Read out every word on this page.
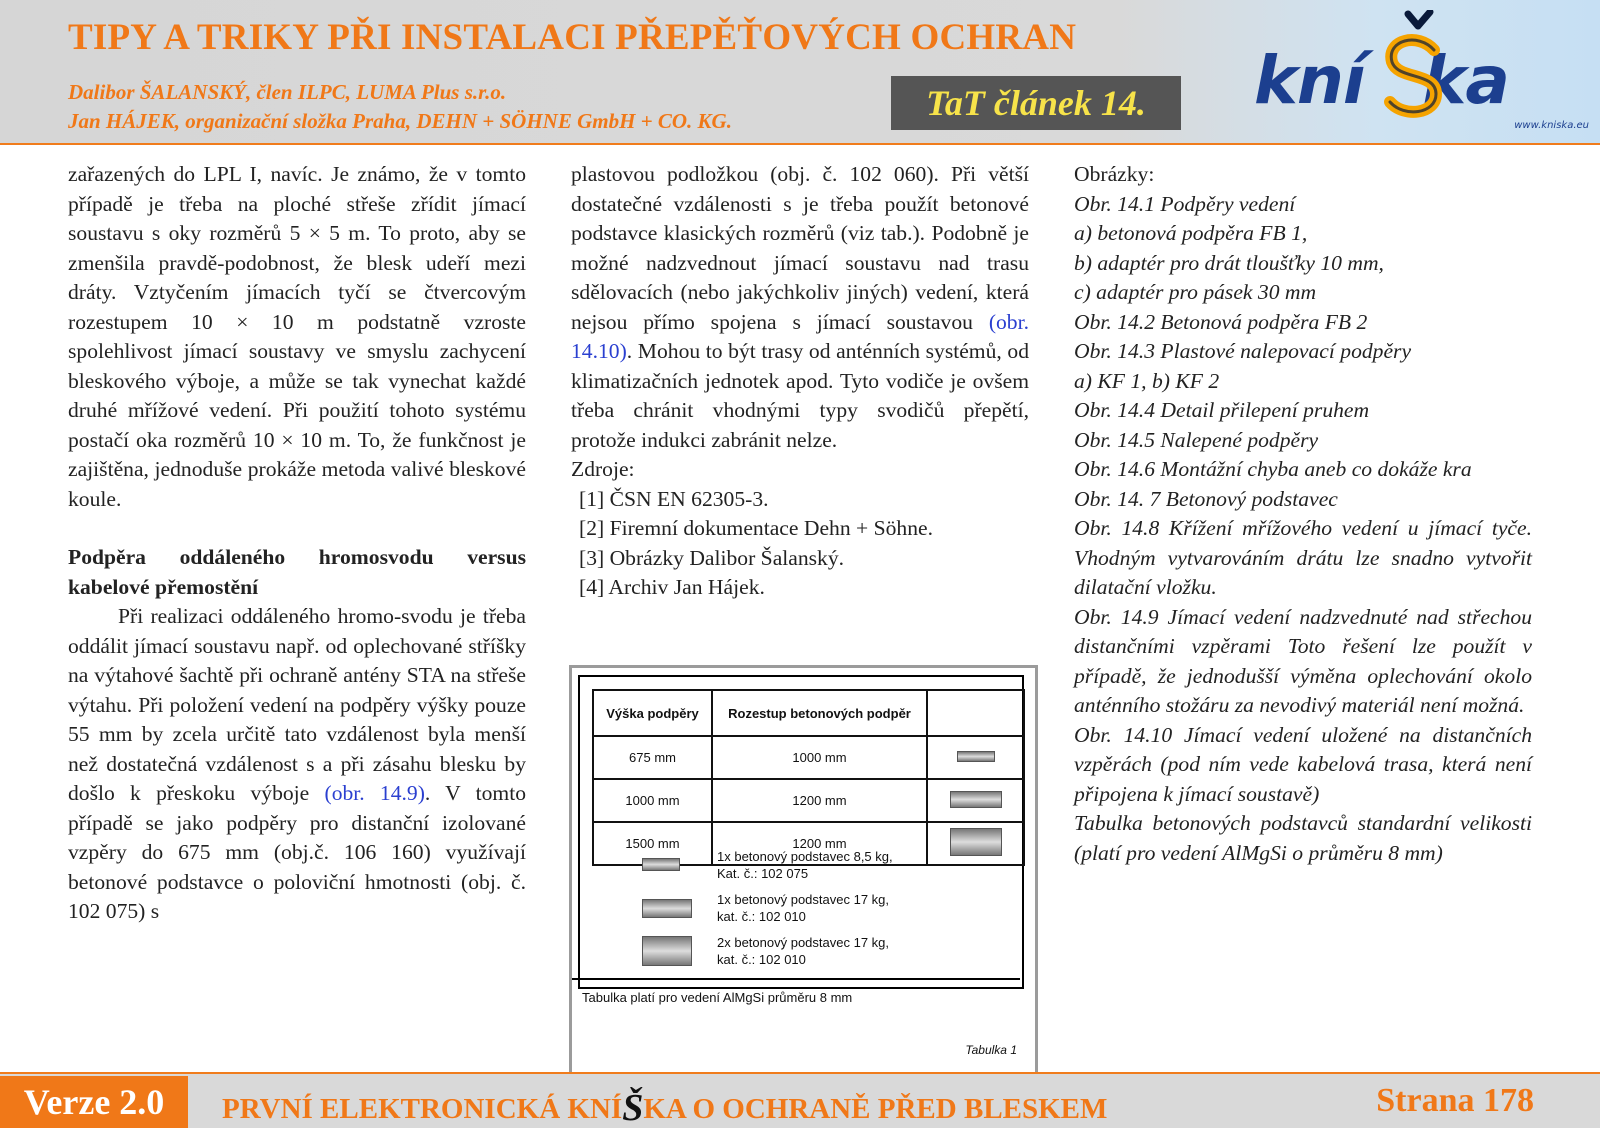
TIPY A TRIKY PŘI INSTALACI PŘEPĚŤOVÝCH OCHRAN
Dalibor ŠALANSKÝ, člen ILPC, LUMA Plus s.r.o.
Jan HÁJEK, organizační složka Praha, DEHN + SÖHNE GmbH + CO. KG.	TaT článek 14.	kní ka
www.kniska.eu

zařazených do LPL I, navíc. Je známo, že v tomto případě je třeba na ploché střeše zřídit jímací soustavu s oky rozměrů 5 × 5 m. To proto, aby se zmenšila pravdě-podobnost, že blesk udeří mezi dráty. Vztyčením jímacích tyčí se čtvercovým rozestupem 10 × 10 m podstatně vzroste spolehlivost jímací soustavy ve smyslu zachycení bleskového výboje, a může se tak vynechat každé druhé mřížové vedení. Při použití tohoto systému postačí oka rozměrů 10 × 10 m. To, že funkčnost je zajištěna, jednoduše prokáže metoda valivé bleskové koule.

Podpěra oddáleného hromosvodu versus kabelové přemostění

Při realizaci oddáleného hromo-svodu je třeba oddálit jímací soustavu např. od oplechované stříšky na výtahové šachtě při ochraně antény STA na střeše výtahu. Při položení vedení na podpěry výšky pouze 55 mm by zcela určitě tato vzdálenost byla menší než dostatečná vzdálenost s a při zásahu blesku by došlo k přeskoku výboje (obr. 14.9). V tomto případě se jako podpěry pro distanční izolované vzpěry do 675 mm (obj.č. 106 160) využívají betonové podstavce o poloviční hmotnosti (obj. č. 102 075) s

plastovou podložkou (obj. č. 102 060). Při větší dostatečné vzdálenosti s je třeba použít betonové podstavce klasických rozměrů (viz tab.). Podobně je možné nadzvednout jímací soustavu nad trasu sdělovacích (nebo jakýchkoliv jiných) vedení, která nejsou přímo spojena s jímací soustavou (obr. 14.10). Mohou to být trasy od anténních systémů, od klimatizačních jednotek apod. Tyto vodiče je ovšem třeba chránit vhodnými typy svodičů přepětí, protože indukci zabránit nelze.

Zdroje:

[1] ČSN EN 62305-3.

[2] Firemní dokumentace Dehn + Söhne.

[3] Obrázky Dalibor Šalanský.

[4] Archiv Jan Hájek.

Výška podpěry	Rozestup betonových podpěr	
675 mm	1000 mm	
1000 mm	1200 mm	
1500 mm	1200 mm	
1x betonový podstavec 8,5 kg,
Kat. č.: 102 075
1x betonový podstavec 17 kg,
kat. č.: 102 010
2x betonový podstavec 17 kg,
kat. č.: 102 010
Tabulka platí pro vedení AlMgSi průměru 8 mm
Tabulka 1

Obrázky:

Obr. 14.1 Podpěry vedení

a) betonová podpěra FB 1,

b) adaptér pro drát tloušťky 10 mm,

c) adaptér pro pásek 30 mm

Obr. 14.2 Betonová podpěra FB 2

Obr. 14.3 Plastové nalepovací podpěry

a) KF 1, b) KF 2

Obr. 14.4 Detail přilepení pruhem

Obr. 14.5 Nalepené podpěry

Obr. 14.6 Montážní chyba aneb co dokáže kra

Obr. 14. 7 Betonový podstavec

Obr. 14.8 Křížení mřížového vedení u jímací tyče. Vhodným vytvarováním drátu lze snadno vytvořit dilatační vložku.

Obr. 14.9 Jímací vedení nadzvednuté nad střechou distančními vzpěrami Toto řešení lze použít v případě, že jednodušší výměna oplechování okolo anténního stožáru za nevodivý materiál není možná.

Obr. 14.10 Jímací vedení uložené na distančních vzpěrách (pod ním vede kabelová trasa, která není připojena k jímací soustavě)

Tabulka betonových podstavců standardní velikosti (platí pro vedení AlMgSi o průměru 8 mm)

Verze 2.0	PRVNÍ ELEKTRONICKÁ KNÍŠKA O OCHRANĚ PŘED BLESKEM	Strana 178
